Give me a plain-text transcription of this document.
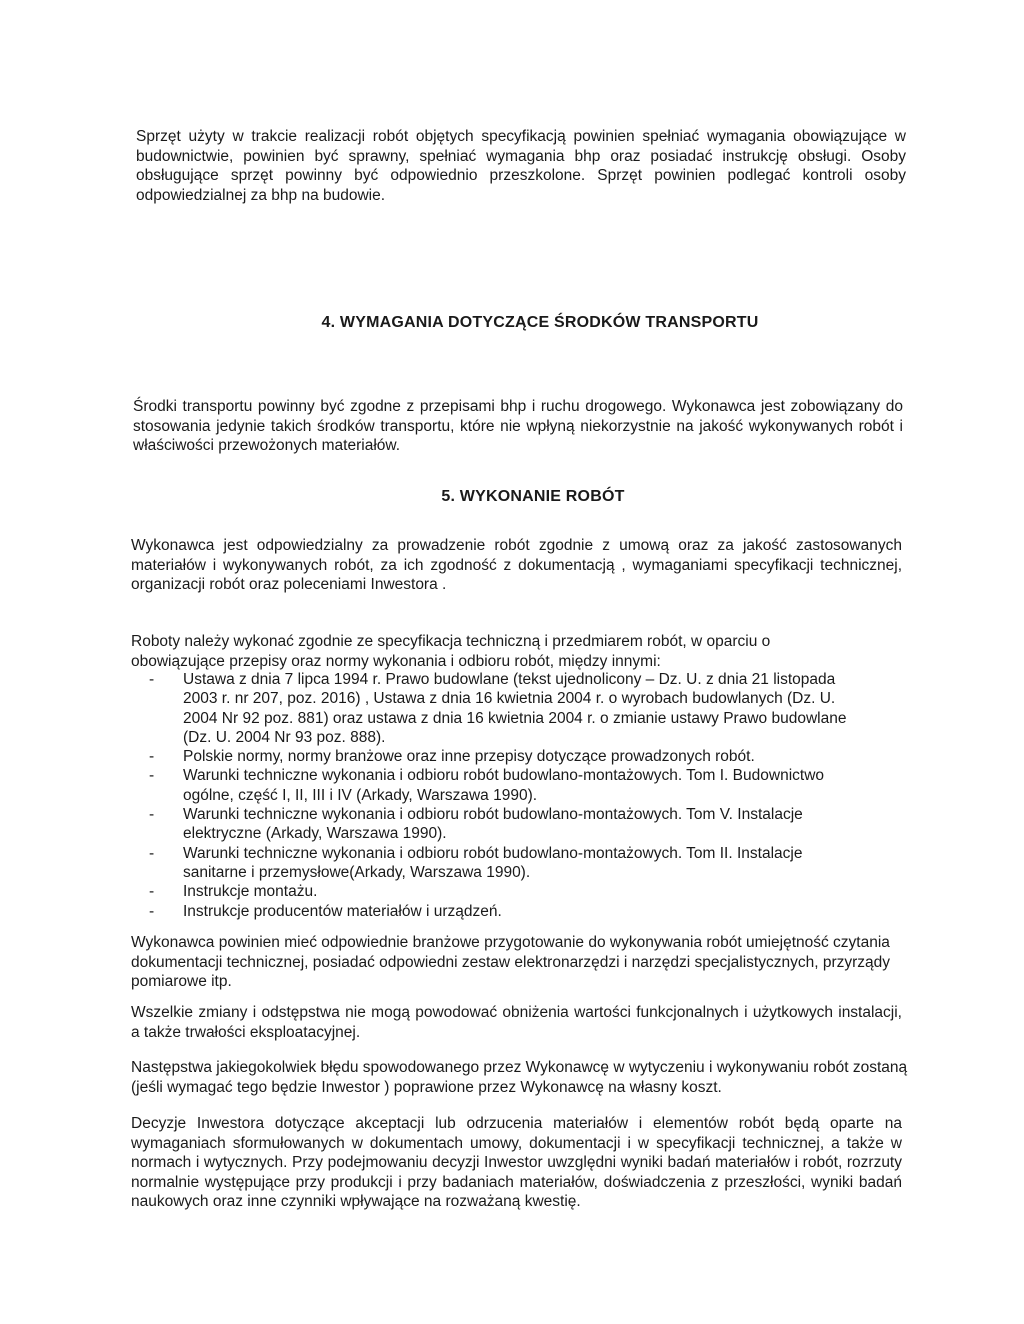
Sprzęt użyty w trakcie realizacji robót objętych specyfikacją powinien spełniać wymagania obowiązujące w budownictwie, powinien być sprawny, spełniać wymagania bhp oraz posiadać instrukcję obsługi. Osoby obsługujące sprzęt powinny być odpowiednio przeszkolone. Sprzęt powinien podlegać kontroli osoby odpowiedzialnej za bhp na budowie.

4. WYMAGANIA DOTYCZĄCE ŚRODKÓW TRANSPORTU

Środki transportu powinny być zgodne z przepisami bhp i ruchu drogowego. Wykonawca jest zobowiązany do stosowania jedynie takich środków transportu, które nie wpłyną niekorzystnie na jakość wykonywanych robót i właściwości przewożonych materiałów.

5. WYKONANIE ROBÓT

Wykonawca jest odpowiedzialny za prowadzenie robót zgodnie z umową oraz za jakość zastosowanych materiałów i wykonywanych robót, za ich zgodność z dokumentacją , wymaganiami specyfikacji technicznej, organizacji robót oraz poleceniami Inwestora .

Roboty należy wykonać zgodnie ze specyfikacja techniczną i przedmiarem robót, w oparciu o obowiązujące przepisy oraz normy wykonania i odbioru robót, między innymi:

- Ustawa z dnia 7 lipca 1994 r. Prawo budowlane (tekst ujednolicony – Dz. U. z dnia 21 listopada 2003 r. nr 207, poz. 2016) , Ustawa z dnia 16 kwietnia 2004 r. o wyrobach budowlanych (Dz. U. 2004 Nr 92 poz. 881) oraz ustawa z dnia 16 kwietnia 2004 r. o zmianie ustawy Prawo budowlane (Dz. U. 2004 Nr 93 poz. 888).
- Polskie normy, normy branżowe oraz inne przepisy dotyczące prowadzonych robót.
- Warunki techniczne wykonania i odbioru robót budowlano-montażowych. Tom I. Budownictwo ogólne, część I, II, III i IV (Arkady, Warszawa 1990).
- Warunki techniczne wykonania i odbioru robót budowlano-montażowych. Tom V. Instalacje elektryczne (Arkady, Warszawa 1990).
- Warunki techniczne wykonania i odbioru robót budowlano-montażowych. Tom II. Instalacje sanitarne i przemysłowe(Arkady, Warszawa 1990).
- Instrukcje montażu.
- Instrukcje producentów materiałów i urządzeń.

Wykonawca powinien mieć odpowiednie branżowe przygotowanie do wykonywania robót umiejętność czytania dokumentacji technicznej, posiadać odpowiedni zestaw elektronarzędzi i narzędzi specjalistycznych, przyrządy pomiarowe itp.

Wszelkie zmiany i odstępstwa nie mogą powodować obniżenia wartości funkcjonalnych i użytkowych instalacji, a także trwałości eksploatacyjnej.

Następstwa jakiegokolwiek błędu spowodowanego przez Wykonawcę w wytyczeniu i wykonywaniu robót zostaną (jeśli wymagać tego będzie Inwestor ) poprawione przez Wykonawcę na własny koszt.

Decyzje Inwestora dotyczące akceptacji lub odrzucenia materiałów i elementów robót będą oparte na wymaganiach sformułowanych w dokumentach umowy, dokumentacji i w specyfikacji technicznej, a także w normach i wytycznych. Przy podejmowaniu decyzji Inwestor uwzględni wyniki badań materiałów i robót, rozrzuty normalnie występujące przy produkcji i przy badaniach materiałów, doświadczenia z przeszłości, wyniki badań naukowych oraz inne czynniki wpływające na rozważaną kwestię.
